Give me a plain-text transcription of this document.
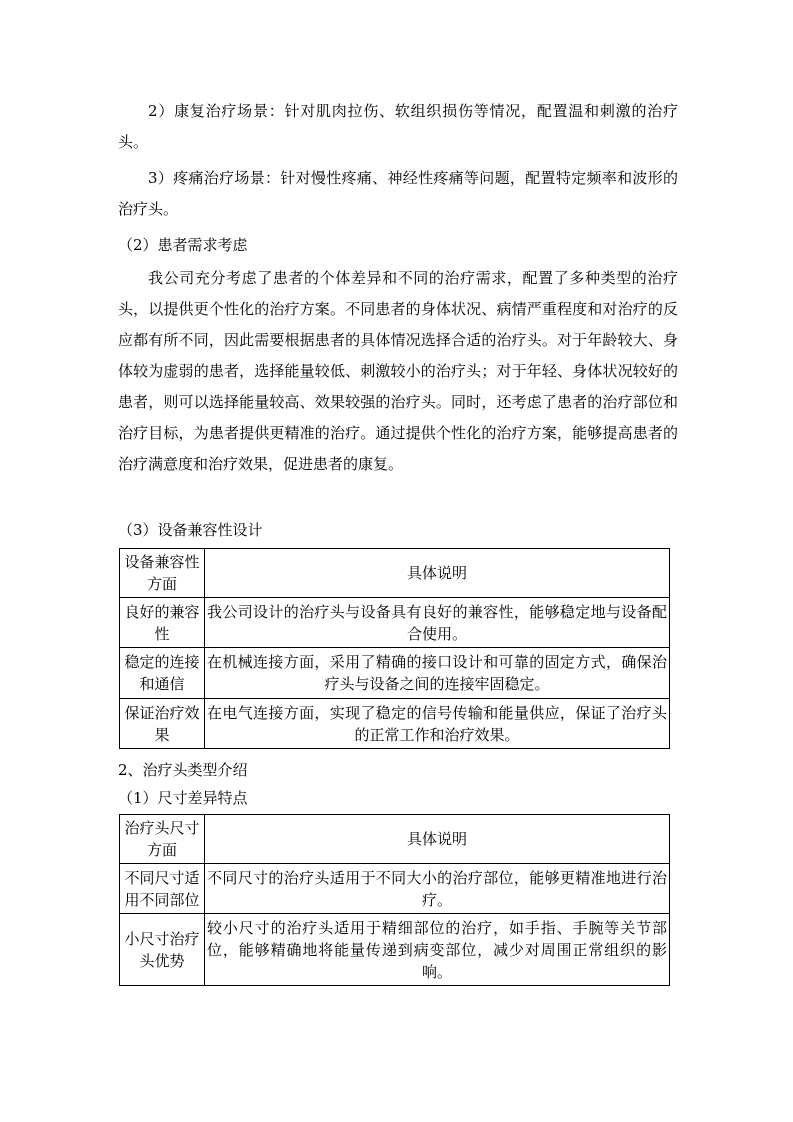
2）康复治疗场景：针对肌肉拉伤、软组织损伤等情况，配置温和刺激的治疗头。

3）疼痛治疗场景：针对慢性疼痛、神经性疼痛等问题，配置特定频率和波形的治疗头。

（2）患者需求考虑

我公司充分考虑了患者的个体差异和不同的治疗需求，配置了多种类型的治疗头，以提供更个性化的治疗方案。不同患者的身体状况、病情严重程度和对治疗的反应都有所不同，因此需要根据患者的具体情况选择合适的治疗头。对于年龄较大、身体较为虚弱的患者，选择能量较低、刺激较小的治疗头；对于年轻、身体状况较好的患者，则可以选择能量较高、效果较强的治疗头。同时，还考虑了患者的治疗部位和治疗目标，为患者提供更精准的治疗。通过提供个性化的治疗方案，能够提高患者的治疗满意度和治疗效果，促进患者的康复。

（3）设备兼容性设计

设备兼容性方面	具体说明
良好的兼容性	我公司设计的治疗头与设备具有良好的兼容性，能够稳定地与设备配合使用。
稳定的连接和通信	在机械连接方面，采用了精确的接口设计和可靠的固定方式，确保治疗头与设备之间的连接牢固稳定。
保证治疗效果	在电气连接方面，实现了稳定的信号传输和能量供应，保证了治疗头的正常工作和治疗效果。

2、治疗头类型介绍

（1）尺寸差异特点

治疗头尺寸方面	具体说明
不同尺寸适用不同部位	不同尺寸的治疗头适用于不同大小的治疗部位，能够更精准地进行治疗。
小尺寸治疗头优势	较小尺寸的治疗头适用于精细部位的治疗，如手指、手腕等关节部位，能够精确地将能量传递到病变部位，减少对周围正常组织的影响。
